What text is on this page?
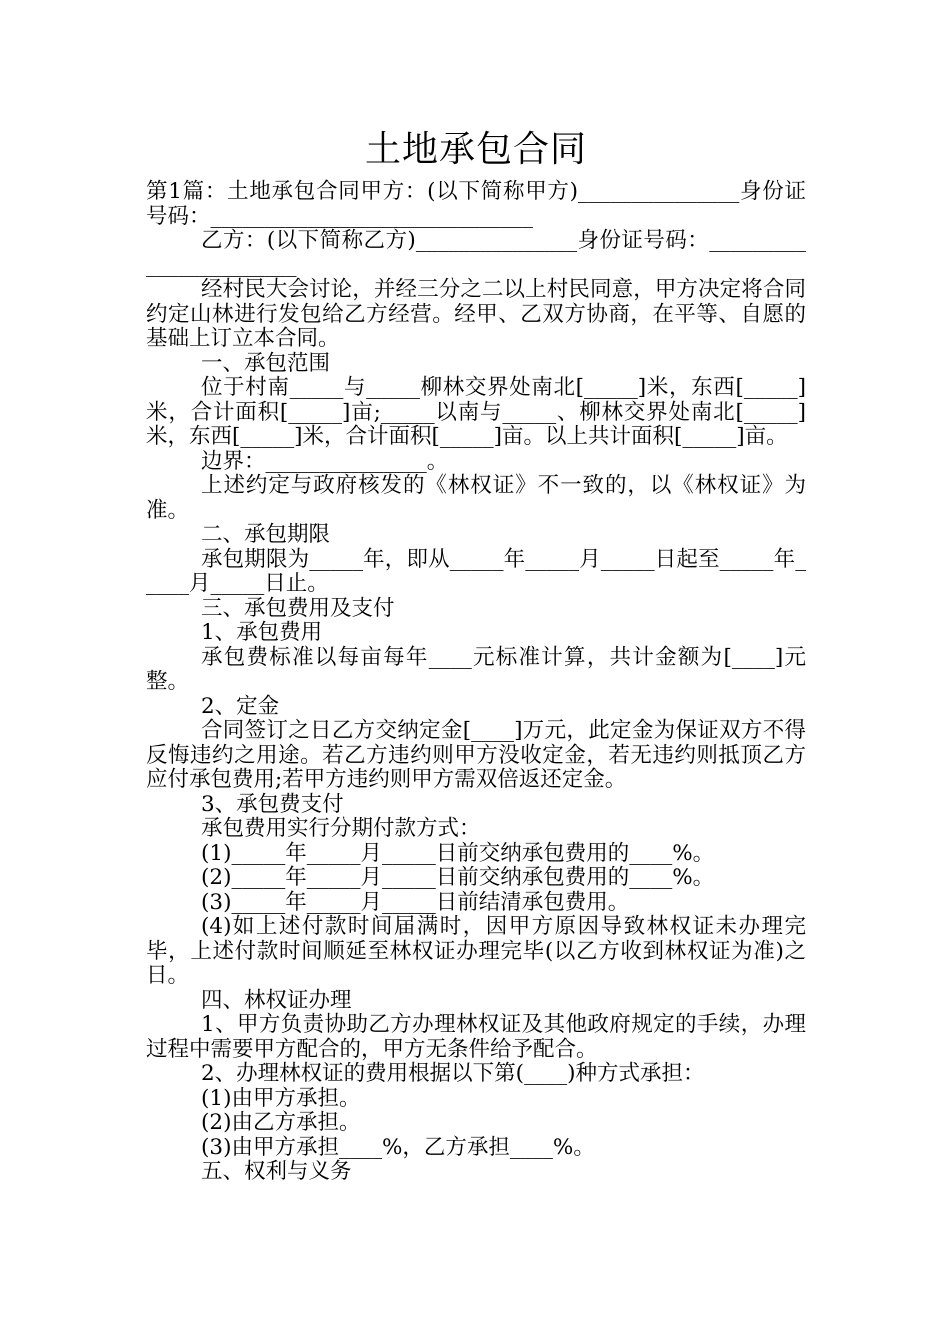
土地承包合同

第1篇：土地承包合同甲方：(以下简称甲方)_______________身份证号码：______________________________

乙方：(以下简称乙方)_______________身份证号码：_______________________

经村民大会讨论，并经三分之二以上村民同意，甲方决定将合同约定山林进行发包给乙方经营。经甲、乙双方协商，在平等、自愿的基础上订立本合同。

一、承包范围

位于村南_____与_____柳林交界处南北[_____]米，东西[_____]米，合计面积[_____]亩;_____以南与_____、柳林交界处南北[_____]米，东西[_____]米，合计面积[_____]亩。以上共计面积[_____]亩。

边界：_______________。

上述约定与政府核发的《林权证》不一致的，以《林权证》为准。

二、承包期限

承包期限为_____年，即从_____年_____月_____日起至_____年_____月_____日止。

三、承包费用及支付

1、承包费用

承包费标准以每亩每年____元标准计算，共计金额为[____]元整。

2、定金

合同签订之日乙方交纳定金[____]万元，此定金为保证双方不得反悔违约之用途。若乙方违约则甲方没收定金，若无违约则抵顶乙方应付承包费用;若甲方违约则甲方需双倍返还定金。

3、承包费支付

承包费用实行分期付款方式：

(1)_____年_____月_____日前交纳承包费用的____%。

(2)_____年_____月_____日前交纳承包费用的____%。

(3)_____年_____月_____日前结清承包费用。

(4)如上述付款时间届满时，因甲方原因导致林权证未办理完毕，上述付款时间顺延至林权证办理完毕(以乙方收到林权证为准)之日。

四、林权证办理

1、甲方负责协助乙方办理林权证及其他政府规定的手续，办理过程中需要甲方配合的，甲方无条件给予配合。

2、办理林权证的费用根据以下第(____)种方式承担：

(1)由甲方承担。

(2)由乙方承担。

(3)由甲方承担____%，乙方承担____%。

五、权利与义务
